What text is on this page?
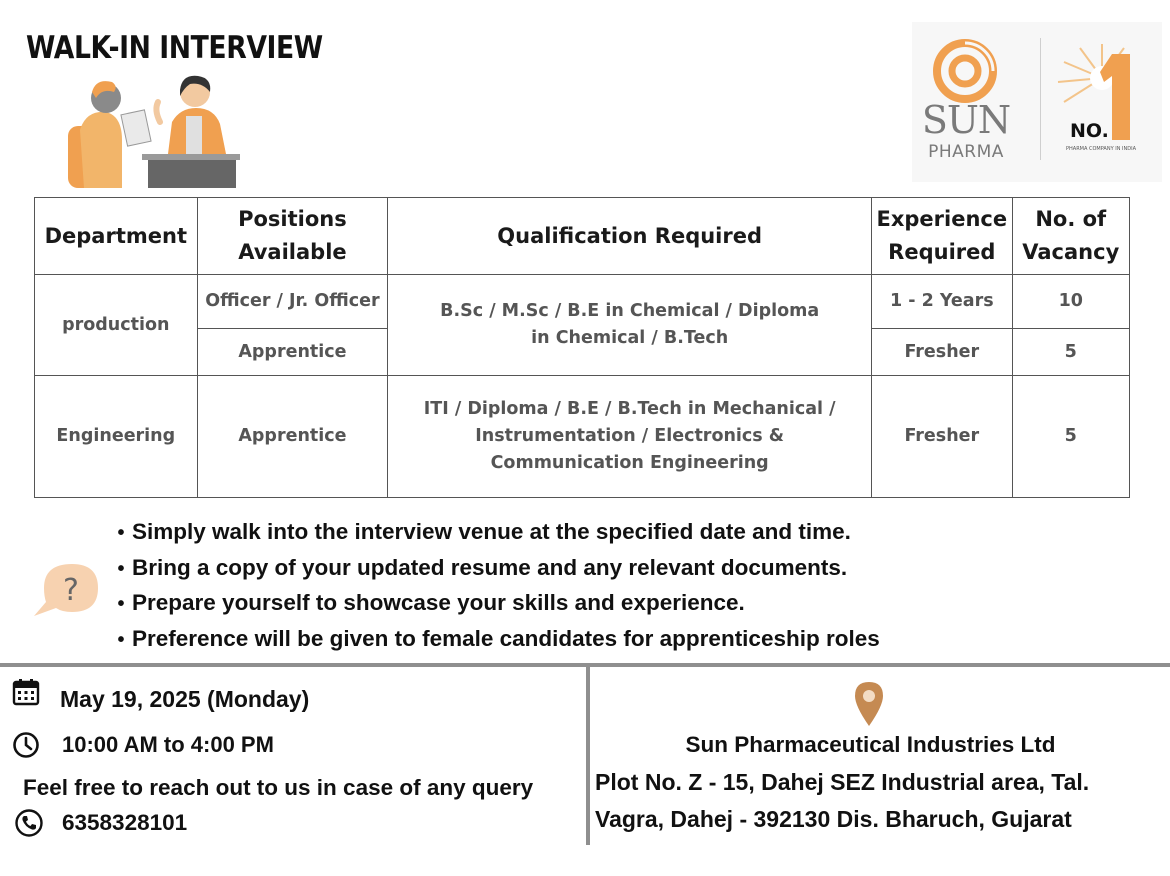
WALK-IN INTERVIEW
SUN
PHARMA
NO.
PHARMA COMPANY IN INDIA
Department	Positions Available	Qualification Required	Experience Required	No. of Vacancy
production	Officer / Jr. Officer	B.Sc / M.Sc / B.E in Chemical / Diploma in Chemical / B.Tech	1 - 2 Years	10
	Apprentice		Fresher	5
Engineering	Apprentice	ITI / Diploma / B.E / B.Tech in Mechanical / Instrumentation / Electronics & Communication Engineering	Fresher	5
?
• Simply walk into the interview venue at the specified date and time.
• Bring a copy of your updated resume and any relevant documents.
• Prepare yourself to showcase your skills and experience.
• Preference will be given to female candidates for apprenticeship roles
May 19, 2025 (Monday)
10:00 AM to 4:00 PM
Feel free to reach out to us in case of any query
6358328101
Sun Pharmaceutical Industries Ltd
Plot No. Z - 15, Dahej SEZ Industrial area, Tal.
Vagra, Dahej - 392130 Dis. Bharuch, Gujarat
